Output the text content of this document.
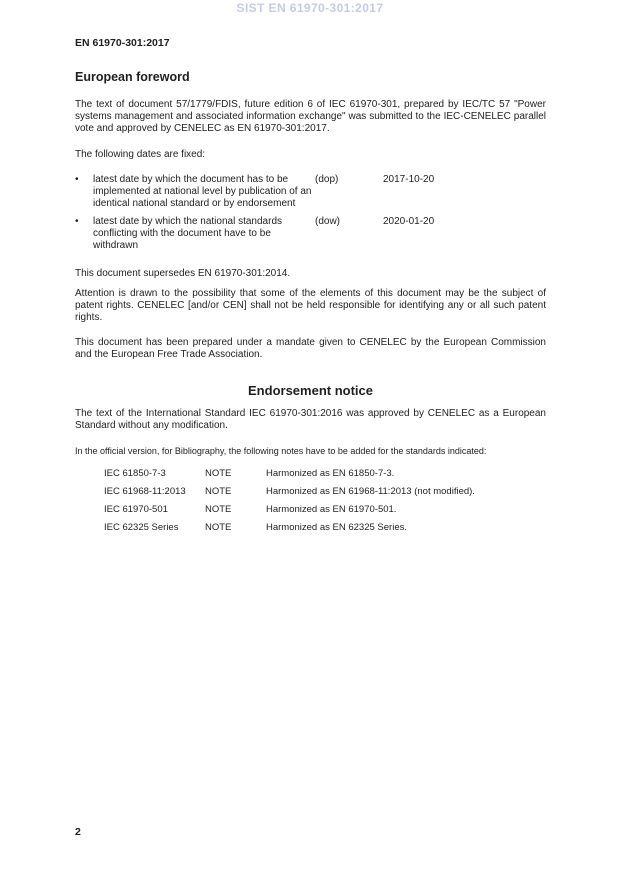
SIST EN 61970-301:2017
EN 61970-301:2017
European foreword

The text of document 57/1779/FDIS, future edition 6 of IEC 61970-301, prepared by IEC/TC 57 "Power systems management and associated information exchange" was submitted to the IEC-CENELEC parallel vote and approved by CENELEC as EN 61970-301:2017.

The following dates are fixed:

•
latest date by which the document has to be implemented at national level by publication of an identical national standard or by endorsement
(dop)	2017-10-20
•
latest date by which the national standards conflicting with the document have to be withdrawn
(dow)	2020-01-20

This document supersedes EN 61970-301:2014.

Attention is drawn to the possibility that some of the elements of this document may be the subject of patent rights. CENELEC [and/or CEN] shall not be held responsible for identifying any or all such patent rights.

This document has been prepared under a mandate given to CENELEC by the European Commission and the European Free Trade Association.

Endorsement notice

The text of the International Standard IEC 61970-301:2016 was approved by CENELEC as a European Standard without any modification.

In the official version, for Bibliography, the following notes have to be added for the standards indicated:

IEC 61850-7-3	NOTE	Harmonized as EN 61850-7-3.
IEC 61968-11:2013	NOTE	Harmonized as EN 61968-11:2013 (not modified).
IEC 61970-501	NOTE	Harmonized as EN 61970-501.
IEC 62325 Series	NOTE	Harmonized as EN 62325 Series.
2
